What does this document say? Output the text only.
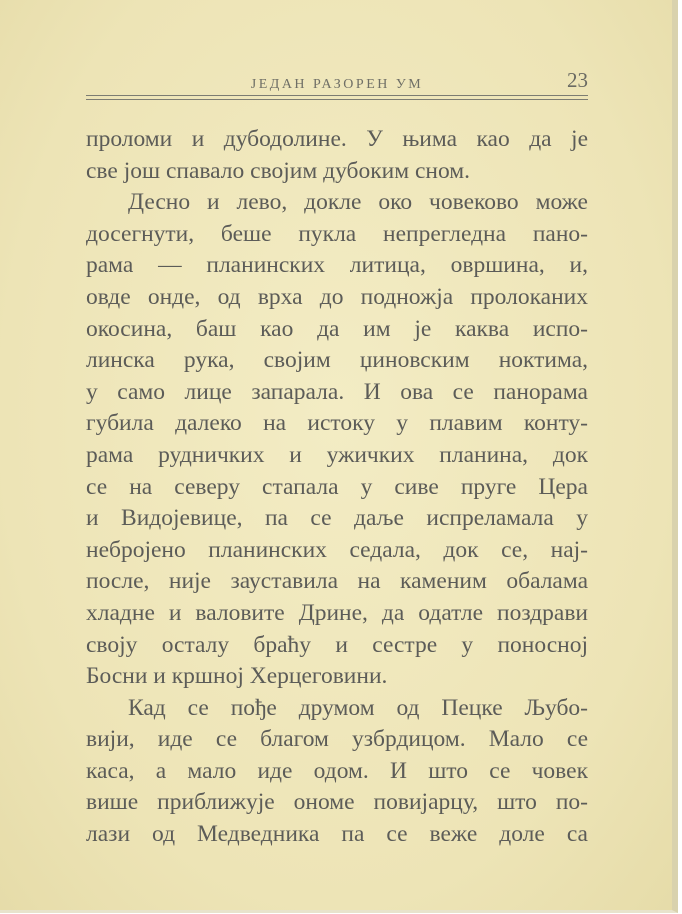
ЈЕДАН РАЗОРЕН УМ	23
проломи и дубодолине. У њима као да је
све још спавало својим дубоким сном.
Десно и лево, докле око човеково може
досегнути, беше пукла непрегледна пано-
рама — планинских литица, овршина, и,
овде онде, од врха до подножја пролоканих
окосина, баш као да им је каква испо-
линска рука, својим џиновским ноктима,
у само лице запарала. И ова се панорама
губила далеко на истоку у плавим конту-
рама рудничких и ужичких планина, док
се на северу стапала у сиве пруге Цера
и Видојевице, па се даље испреламала у
небројено планинских седала, док се, нај-
после, није зауставила на каменим обалама
хладне и валовите Дрине, да одатле поздрави
своју осталу браћу и сестре у поносној
Босни и кршној Херцеговини.
Кад се пође друмом од Пецке Љубо-
вији, иде се благом узбрдицом. Мало се
каса, а мало иде одом. И што се човек
више приближује ономе повијарцу, што по-
лази од Медведника па се веже доле са
